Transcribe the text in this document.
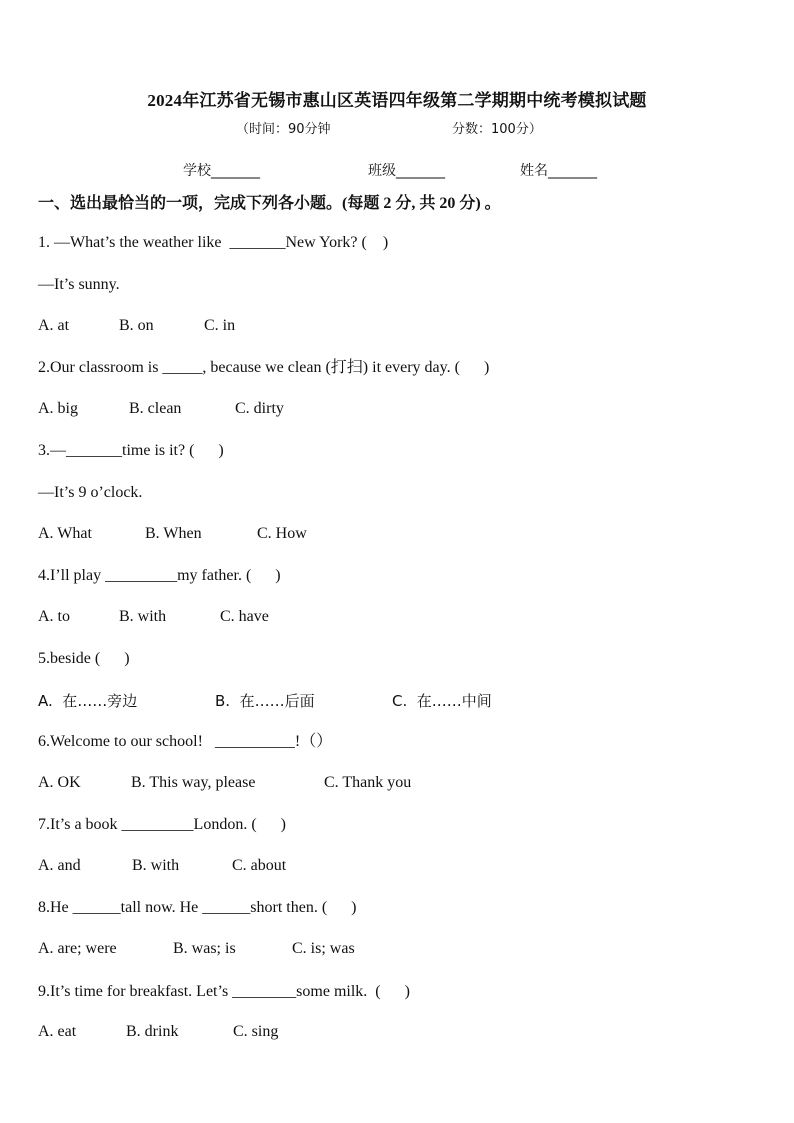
2024年江苏省无锡市惠山区英语四年级第二学期期中统考模拟试题
（时间：90分钟	分数：100分）
学校_______	班级_______	姓名_______
一、选出最恰当的一项，完成下列各小题。(每题 2 分, 共 20 分) 。
1. —What’s the weather like  _______New York? (    )
—It’s sunny.
A. at	B. on	C. in
2.Our classroom is _____, because we clean (打扫) it every day. (      )
A. big	B. clean	C. dirty
3.—_______time is it? (      )
—It’s 9 o’clock.
A. What	B. When	C. How
4.I’ll play _________my father. (      )
A. to	B. with	C. have
5.beside (      )
A.  在……旁边	B.  在……后面	C.  在……中间
6.Welcome to our school!   __________!（）
A. OK	B. This way, please	C. Thank you
7.It’s a book _________London. (      )
A. and	B. with	C. about
8.He ______tall now. He ______short then. (      )
A. are; were	B. was; is	C. is; was
9.It’s time for breakfast. Let’s ________some milk.  (      )
A. eat	B. drink	C. sing
